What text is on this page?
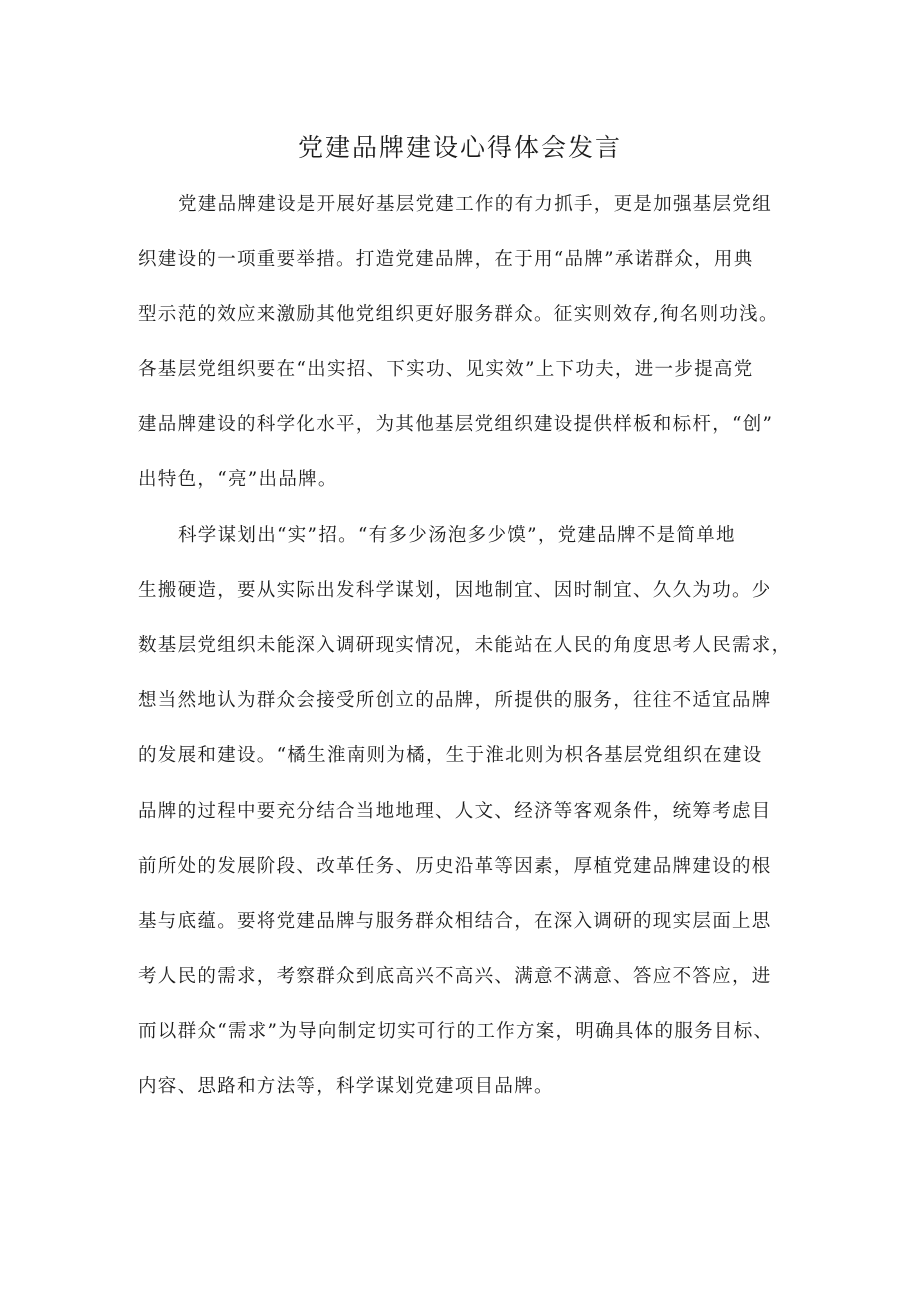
党建品牌建设心得体会发言
党建品牌建设是开展好基层党建工作的有力抓手，更是加强基层党组
织建设的一项重要举措。打造党建品牌，在于用“品牌”承诺群众，用典
型示范的效应来激励其他党组织更好服务群众。征实则效存,徇名则功浅。
各基层党组织要在“出实招、下实功、见实效”上下功夫，进一步提高党
建品牌建设的科学化水平，为其他基层党组织建设提供样板和标杆，“创”
出特色，“亮”出品牌。
科学谋划出“实”招。“有多少汤泡多少馍”，党建品牌不是简单地
生搬硬造，要从实际出发科学谋划，因地制宜、因时制宜、久久为功。少
数基层党组织未能深入调研现实情况，未能站在人民的角度思考人民需求，
想当然地认为群众会接受所创立的品牌，所提供的服务，往往不适宜品牌
的发展和建设。“橘生淮南则为橘，生于淮北则为枳各基层党组织在建设
品牌的过程中要充分结合当地地理、人文、经济等客观条件，统筹考虑目
前所处的发展阶段、改革任务、历史沿革等因素，厚植党建品牌建设的根
基与底蕴。要将党建品牌与服务群众相结合，在深入调研的现实层面上思
考人民的需求，考察群众到底高兴不高兴、满意不满意、答应不答应，进
而以群众“需求”为导向制定切实可行的工作方案，明确具体的服务目标、
内容、思路和方法等，科学谋划党建项目品牌。
